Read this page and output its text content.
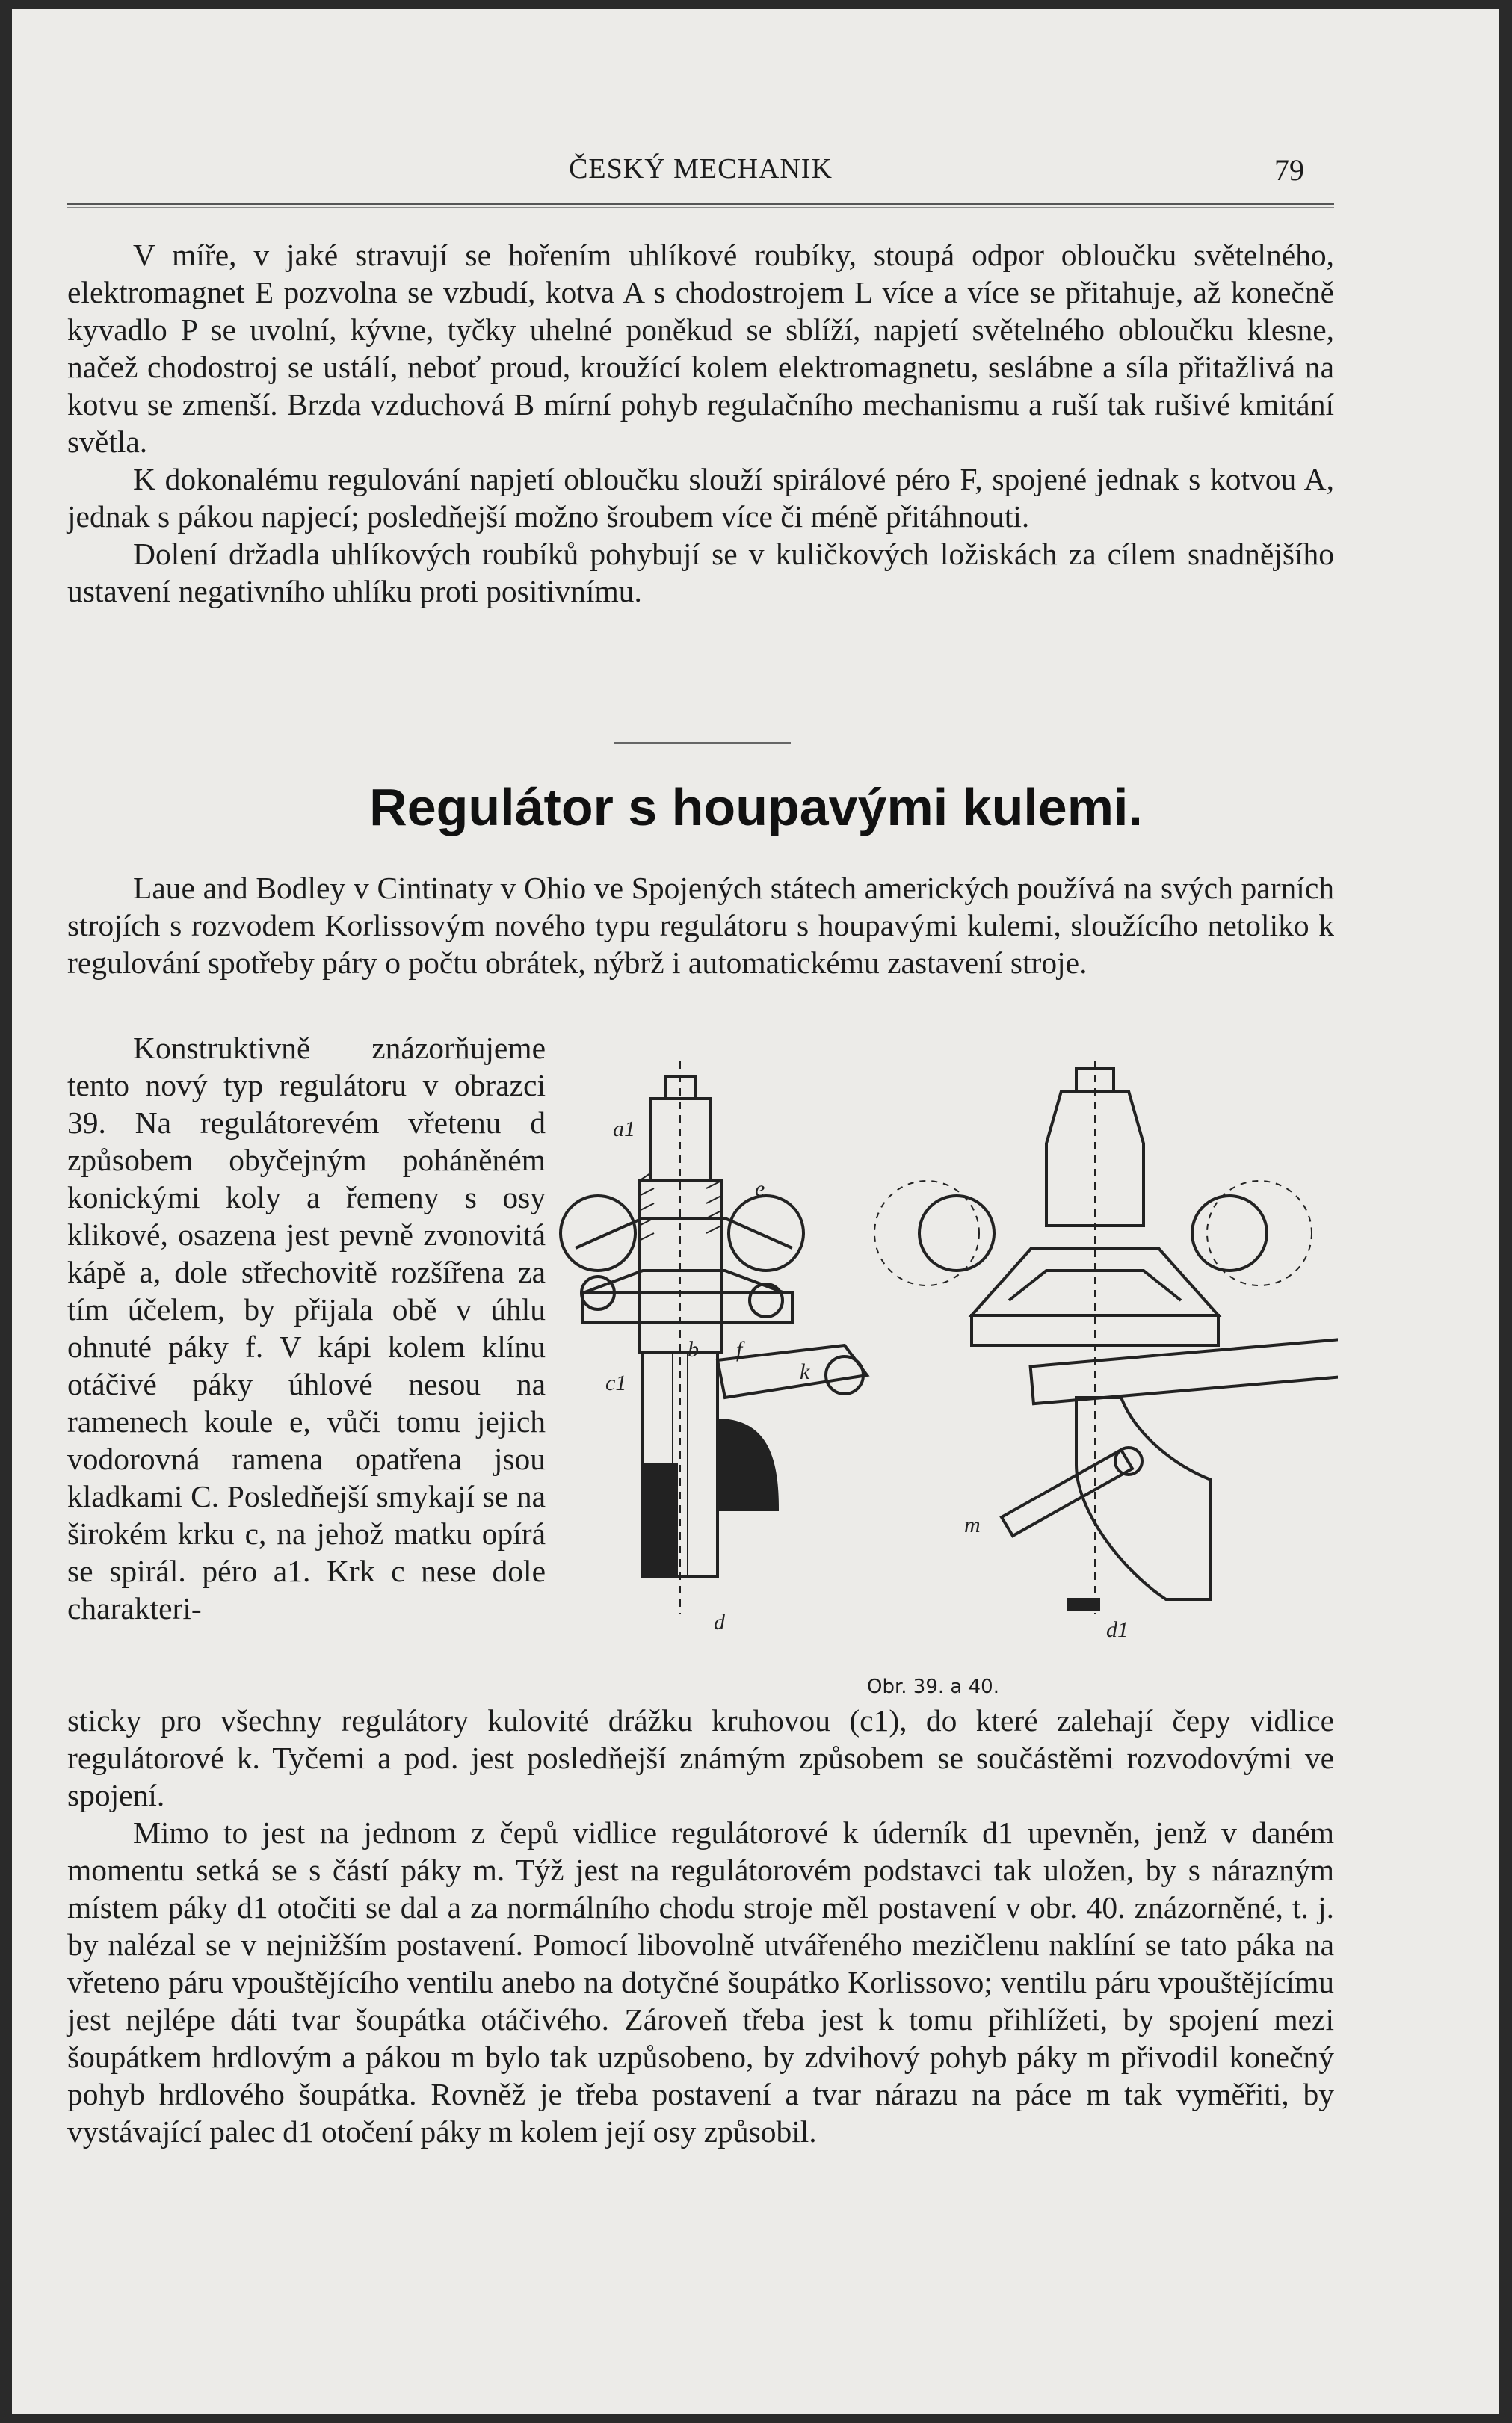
ČESKÝ MECHANIK	79

V míře, v jaké stravují se hořením uhlíkové roubíky, stoupá odpor obloučku světelného, elektromagnet E pozvolna se vzbudí, kotva A s chodostrojem L více a více se přitahuje, až konečně kyvadlo P se uvolní, kývne, tyčky uhelné poněkud se sblíží, napjetí světelného obloučku klesne, načež chodostroj se ustálí, neboť proud, kroužící kolem elektromagnetu, seslábne a síla přitažlivá na kotvu se zmenší. Brzda vzduchová B mírní pohyb regulačního mechanismu a ruší tak rušivé kmitání světla.

K dokonalému regulování napjetí obloučku slouží spirálové péro F, spojené jednak s kotvou A, jednak s pákou napjecí; posledňejší možno šroubem více či méně přitáhnouti.

Dolení držadla uhlíkových roubíků pohybují se v kuličkových ložiskách za cílem snadnějšího ustavení negativního uhlíku proti positivnímu.

Regulátor s houpavými kulemi.

Laue and Bodley v Cintinaty v Ohio ve Spojených státech amerických používá na svých parních strojích s rozvodem Korlissovým nového typu regulátoru s houpavými kulemi, sloužícího netoliko k regulování spotřeby páry o počtu obrátek, nýbrž i automatickému zastavení stroje.

Konstruktivně znázorňujeme tento nový typ regulátoru v obrazci 39. Na regulátorevém vřetenu d způsobem obyčejným poháněném konickými koly a řemeny s osy klikové, osazena jest pevně zvonovitá kápě a, dole střechovitě rozšířena za tím účelem, by přijala obě v úhlu ohnuté páky f. V kápi kolem klínu otáčivé páky úhlové nesou na ramenech koule e, vůči tomu jejich vodorovná ramena opatřena jsou kladkami C. Posledňejší smykají se na širokém krku c, na jehož matku opírá se spirál. péro a1. Krk c nese dole charakteri-

a1
e
c1
f
b
k
d
m
d1
Obr. 39. a 40.

sticky pro všechny regulátory kulovité drážku kruhovou (c1), do které zalehají čepy vidlice regulátorové k. Tyčemi a pod. jest posledňejší známým způsobem se součástěmi rozvodovými ve spojení.

Mimo to jest na jednom z čepů vidlice regulátorové k úderník d1 upevněn, jenž v daném momentu setká se s částí páky m. Týž jest na regulátorovém podstavci tak uložen, by s nárazným místem páky d1 otočiti se dal a za normálního chodu stroje měl postavení v obr. 40. znázorněné, t. j. by nalézal se v nejnižším postavení. Pomocí libovolně utvářeného mezičlenu naklíní se tato páka na vřeteno páru vpouštějícího ventilu anebo na dotyčné šoupátko Korlissovo; ventilu páru vpouštějícímu jest nejlépe dáti tvar šoupátka otáčivého. Zároveň třeba jest k tomu přihlížeti, by spojení mezi šoupátkem hrdlovým a pákou m bylo tak uzpůsobeno, by zdvihový pohyb páky m přivodil konečný pohyb hrdlového šoupátka. Rovněž je třeba postavení a tvar nárazu na páce m tak vyměřiti, by vystávající palec d1 otočení páky m kolem její osy způsobil.
